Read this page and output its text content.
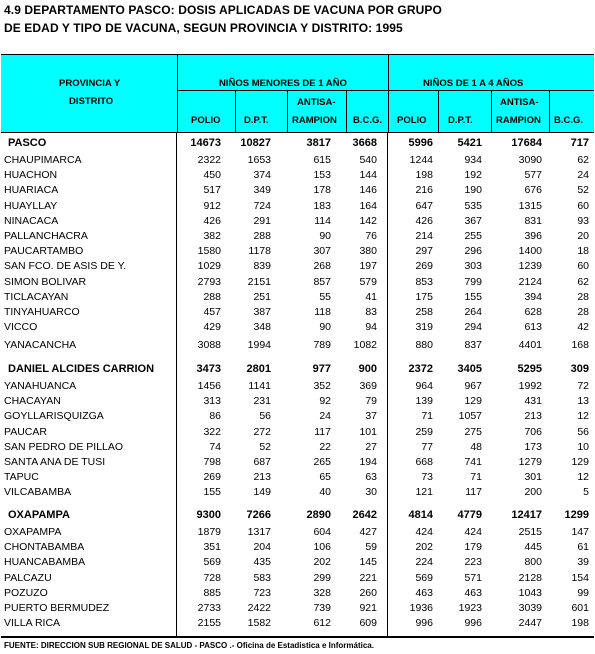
4.9 DEPARTAMENTO PASCO: DOSIS APLICADAS DE VACUNA POR GRUPO
DE EDAD Y TIPO DE VACUNA, SEGUN PROVINCIA Y DISTRITO: 1995
PROVINCIA Y
DISTRITO
NIÑOS MENORES DE 1 AÑO	NIÑOS DE 1 A 4 AÑOS
POLIO D.P.T.
ANTISA-
RAMPION B.C.G. POLIO D.P.T.
ANTISA-
RAMPION B.C.G.
PASCO	14673 10827	3817 3668	5996 5421	17684	717
CHAUPIMARCA	2322	1653	615	540	1244	934	3090	62
HUACHON	450	374	153	144	198	192	577	24
HUARIACA	517	349	178	146	216	190	676	52
HUAYLLAY	912	724	183	164	647	535	1315	60
NINACACA	426	291	114	142	426	367	831	93
PALLANCHACRA	382	288	90	76	214	255	396	20
PAUCARTAMBO	1580	1178	307	380	297	296	1400	18
SAN FCO. DE ASIS DE Y.	1029	839	268	197	269	303	1239	60
SIMON BOLIVAR	2793	2151	857	579	853	799	2124	62
TICLACAYAN	288	251	55	41	175	155	394	28
TINYAHUARCO	457	387	118	83	258	264	628	28
VICCO	429	348	90	94	319	294	613	42
YANACANCHA	3088	1994	789 1082	880	837	4401	168
DANIEL ALCIDES CARRION	3473 2801	977	900	2372 3405	5295	309
YANAHUANCA	1456	1141	352	369	964	967	1992	72
CHACAYAN	313	231	92	79	139	129	431	13
GOYLLARISQUIZGA	86	56	24	37	71 1057	213	12
PAUCAR	322	272	117	101	259	275	706	56
SAN PEDRO DE PILLAO	74	52	22	27	77	48	173	10
SANTA ANA DE TUSI	798	687	265	194	668	741	1279	129
TAPUC	269	213	65	63	73	71	301	12
VILCABAMBA	155	149	40	30	121	117	200	5
OXAPAMPA	9300 7266	2890 2642	4814 4779	12417 1299
OXAPAMPA	1879	1317	604	427	424	424	2515	147
CHONTABAMBA	351	204	106	59	202	179	445	61
HUANCABAMBA	569	435	202	145	224	223	800	39
PALCAZU	728	583	299	221	569	571	2128	154
POZUZO	885	723	328	260	463	463	1043	99
PUERTO BERMUDEZ	2733	2422	739	921	1936 1923	3039	601
VILLA RICA	2155	1582	612	609	996	996	2447	198
FUENTE: DIRECCION SUB REGIONAL DE SALUD - PASCO .- Oficina de Estadistica e Informática.
